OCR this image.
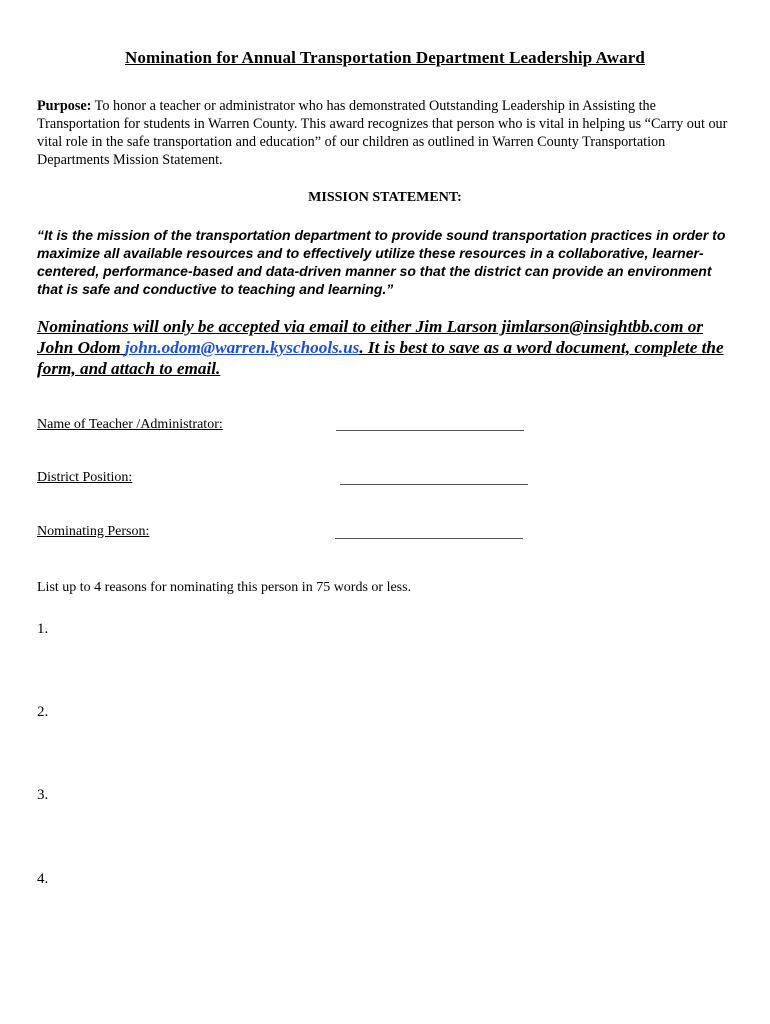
Nomination for Annual Transportation Department Leadership Award
Purpose: To honor a teacher or administrator who has demonstrated Outstanding Leadership in Assisting the Transportation for students in Warren County. This award recognizes that person who is vital in helping us “Carry out our vital role in the safe transportation and education” of our children as outlined in Warren County Transportation Departments Mission Statement.
MISSION STATEMENT:
“It is the mission of the transportation department to provide sound transportation practices in order to maximize all available resources and to effectively utilize these resources in a collaborative, learner-centered, performance-based and data-driven manner so that the district can provide an environment that is safe and conductive to teaching and learning.”
Nominations will only be accepted via email to either Jim Larson jimlarson@insightbb.com or John Odom john.odom@warren.kyschools.us. It is best to save as a word document, complete the form, and attach to email.
Name of Teacher /Administrator:
District Position:
Nominating Person:
List up to 4 reasons for nominating this person in 75 words or less.
1.
2.
3.
4.
